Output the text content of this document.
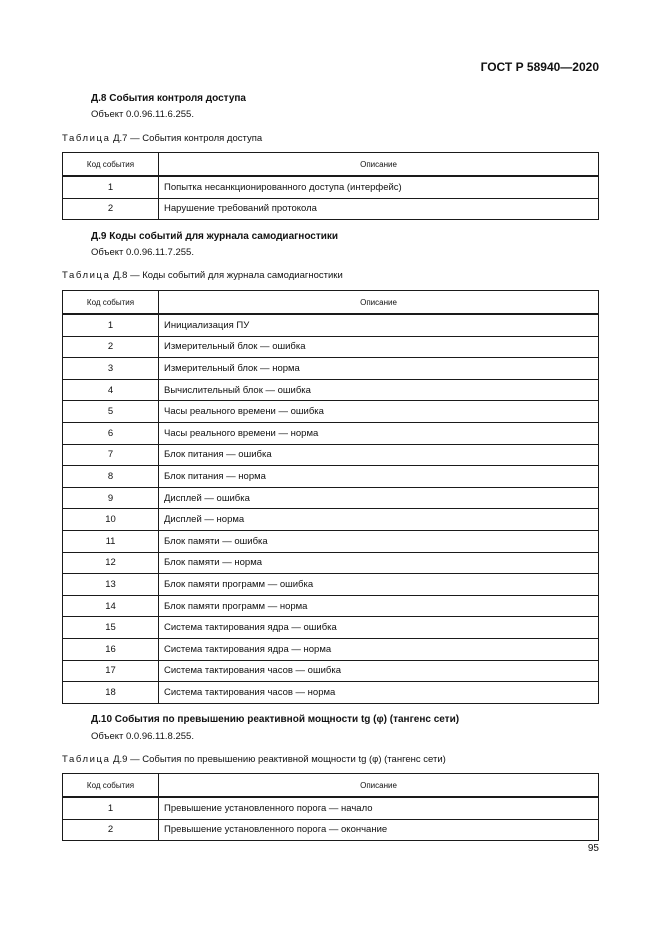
ГОСТ Р 58940—2020
Д.8 События контроля доступа
Объект 0.0.96.11.6.255.
Таблица Д.7 — События контроля доступа
Код события	Описание
1	Попытка несанкционированного доступа (интерфейс)
2	Нарушение требований протокола
Д.9 Коды событий для журнала самодиагностики
Объект 0.0.96.11.7.255.
Таблица Д.8 — Коды событий для журнала самодиагностики
Код события	Описание
1	Инициализация ПУ
2	Измерительный блок — ошибка
3	Измерительный блок — норма
4	Вычислительный блок — ошибка
5	Часы реального времени — ошибка
6	Часы реального времени — норма
7	Блок питания — ошибка
8	Блок питания — норма
9	Дисплей — ошибка
10	Дисплей — норма
11	Блок памяти — ошибка
12	Блок памяти — норма
13	Блок памяти программ — ошибка
14	Блок памяти программ — норма
15	Система тактирования ядра — ошибка
16	Система тактирования ядра — норма
17	Система тактирования часов — ошибка
18	Система тактирования часов — норма
Д.10 События по превышению реактивной мощности tg (φ) (тангенс сети)
Объект 0.0.96.11.8.255.
Таблица Д.9 — События по превышению реактивной мощности tg (φ) (тангенс сети)
Код события	Описание
1	Превышение установленного порога — начало
2	Превышение установленного порога — окончание
95
